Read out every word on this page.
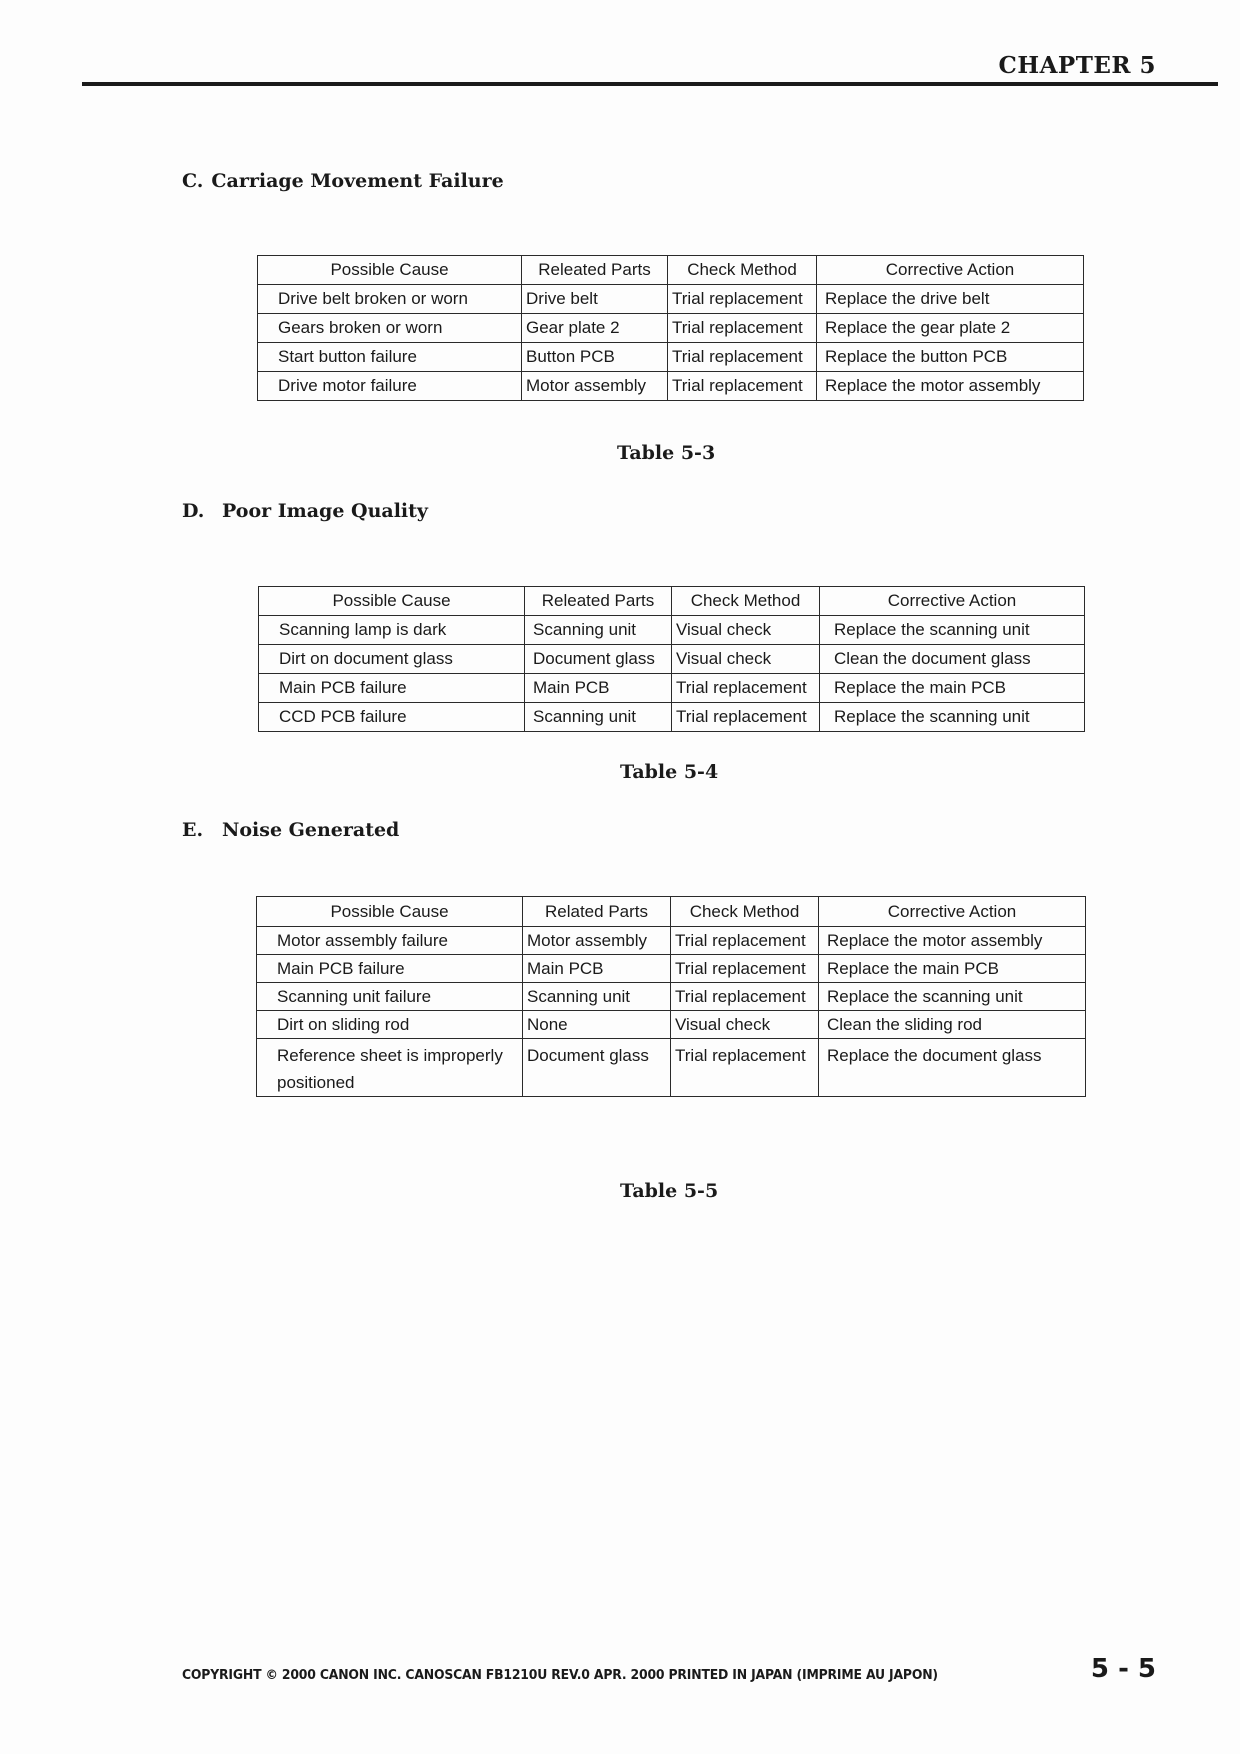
CHAPTER 5
C. Carriage Movement Failure
Possible Cause	Releated Parts	Check Method	Corrective Action
Drive belt broken or worn	Drive belt	Trial replacement	Replace the drive belt
Gears broken or worn	Gear plate 2	Trial replacement	Replace the gear plate 2
Start button failure	Button PCB	Trial replacement	Replace the button PCB
Drive motor failure	Motor assembly	Trial replacement	Replace the motor assembly
Table 5-3
D. Poor Image Quality
Possible Cause	Releated Parts	Check Method	Corrective Action
Scanning lamp is dark	Scanning unit	Visual check	Replace the scanning unit
Dirt on document glass	Document glass	Visual check	Clean the document glass
Main PCB failure	Main PCB	Trial replacement	Replace the main PCB
CCD PCB failure	Scanning unit	Trial replacement	Replace the scanning unit
Table 5-4
E. Noise Generated
Possible Cause	Related Parts	Check Method	Corrective Action
Motor assembly failure	Motor assembly	Trial replacement	Replace the motor assembly
Main PCB failure	Main PCB	Trial replacement	Replace the main PCB
Scanning unit failure	Scanning unit	Trial replacement	Replace the scanning unit
Dirt on sliding rod	None	Visual check	Clean the sliding rod
Reference sheet is improperly positioned	Document glass	Trial replacement	Replace the document glass
Table 5-5
COPYRIGHT © 2000 CANON INC. CANOSCAN FB1210U REV.0 APR. 2000 PRINTED IN JAPAN (IMPRIME AU JAPON)	5 - 5
